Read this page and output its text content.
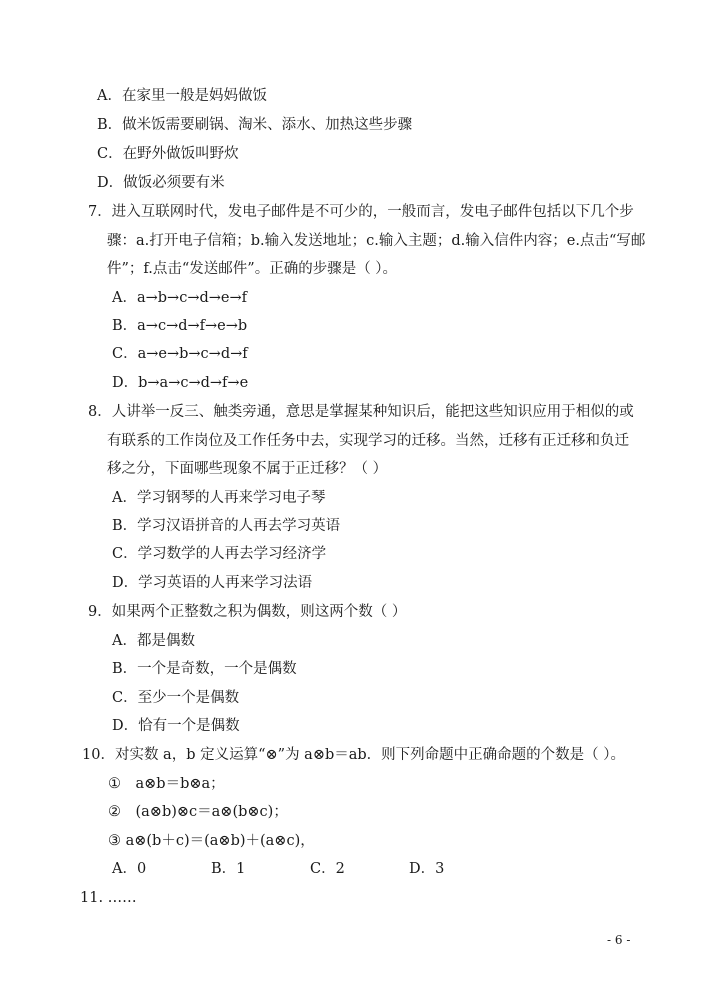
A．在家里一般是妈妈做饭
B．做米饭需要刷锅、淘米、添水、加热这些步骤
C．在野外做饭叫野炊
D．做饭必须要有米
7．进入互联网时代，发电子邮件是不可少的，一般而言，发电子邮件包括以下几个步
骤：a.打开电子信箱；b.输入发送地址；c.输入主题；d.输入信件内容；e.点击“写邮
件”；f.点击“发送邮件”。正确的步骤是（ ）。
A．a→b→c→d→e→f
B．a→c→d→f→e→b
C．a→e→b→c→d→f
D．b→a→c→d→f→e
8．人讲举一反三、触类旁通，意思是掌握某种知识后，能把这些知识应用于相似的或
有联系的工作岗位及工作任务中去，实现学习的迁移。当然，迁移有正迁移和负迁
移之分，下面哪些现象不属于正迁移？（ ）
A．学习钢琴的人再来学习电子琴
B．学习汉语拼音的人再去学习英语
C．学习数学的人再去学习经济学
D．学习英语的人再来学习法语
9．如果两个正整数之积为偶数，则这两个数（ ）
A．都是偶数
B．一个是奇数，一个是偶数
C．至少一个是偶数
D．恰有一个是偶数
10．对实数 a，b 定义运算“⊗”为 a⊗b＝ab．则下列命题中正确命题的个数是（ ）。
①　a⊗b＝b⊗a；
②　(a⊗b)⊗c＝a⊗(b⊗c)；
③ a⊗(b＋c)＝(a⊗b)＋(a⊗c)，
A．0	B．1	C．2	D．3
11. ……
- 6 -
